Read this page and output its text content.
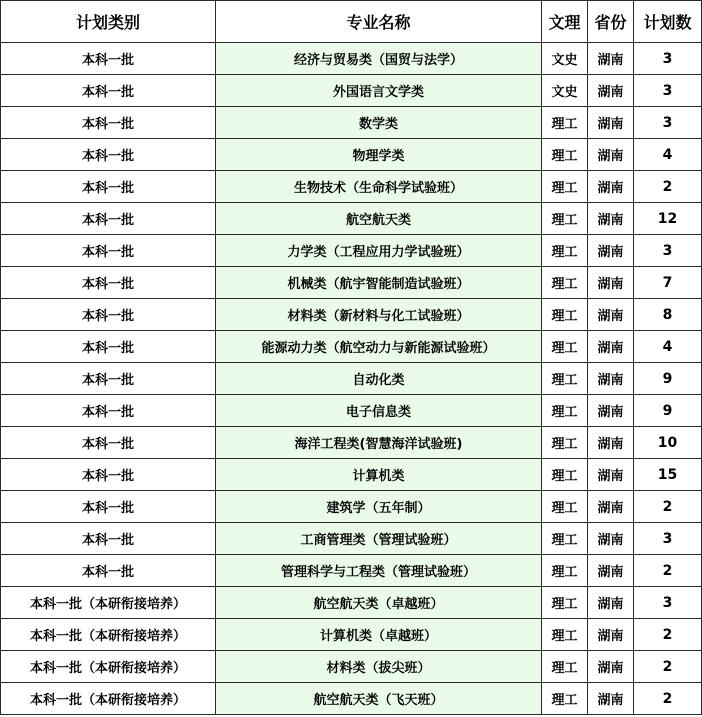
计划类别	专业名称	文理	省份	计划数
本科一批	经济与贸易类（国贸与法学）	文史	湖南	3
本科一批	外国语言文学类	文史	湖南	3
本科一批	数学类	理工	湖南	3
本科一批	物理学类	理工	湖南	4
本科一批	生物技术（生命科学试验班）	理工	湖南	2
本科一批	航空航天类	理工	湖南	12
本科一批	力学类（工程应用力学试验班）	理工	湖南	3
本科一批	机械类（航宇智能制造试验班）	理工	湖南	7
本科一批	材料类（新材料与化工试验班）	理工	湖南	8
本科一批	能源动力类（航空动力与新能源试验班）	理工	湖南	4
本科一批	自动化类	理工	湖南	9
本科一批	电子信息类	理工	湖南	9
本科一批	海洋工程类(智慧海洋试验班)	理工	湖南	10
本科一批	计算机类	理工	湖南	15
本科一批	建筑学（五年制）	理工	湖南	2
本科一批	工商管理类（管理试验班）	理工	湖南	3
本科一批	管理科学与工程类（管理试验班）	理工	湖南	2
本科一批（本研衔接培养）	航空航天类（卓越班）	理工	湖南	3
本科一批（本研衔接培养）	计算机类（卓越班）	理工	湖南	2
本科一批（本研衔接培养）	材料类（拔尖班）	理工	湖南	2
本科一批（本研衔接培养）	航空航天类（飞天班）	理工	湖南	2
